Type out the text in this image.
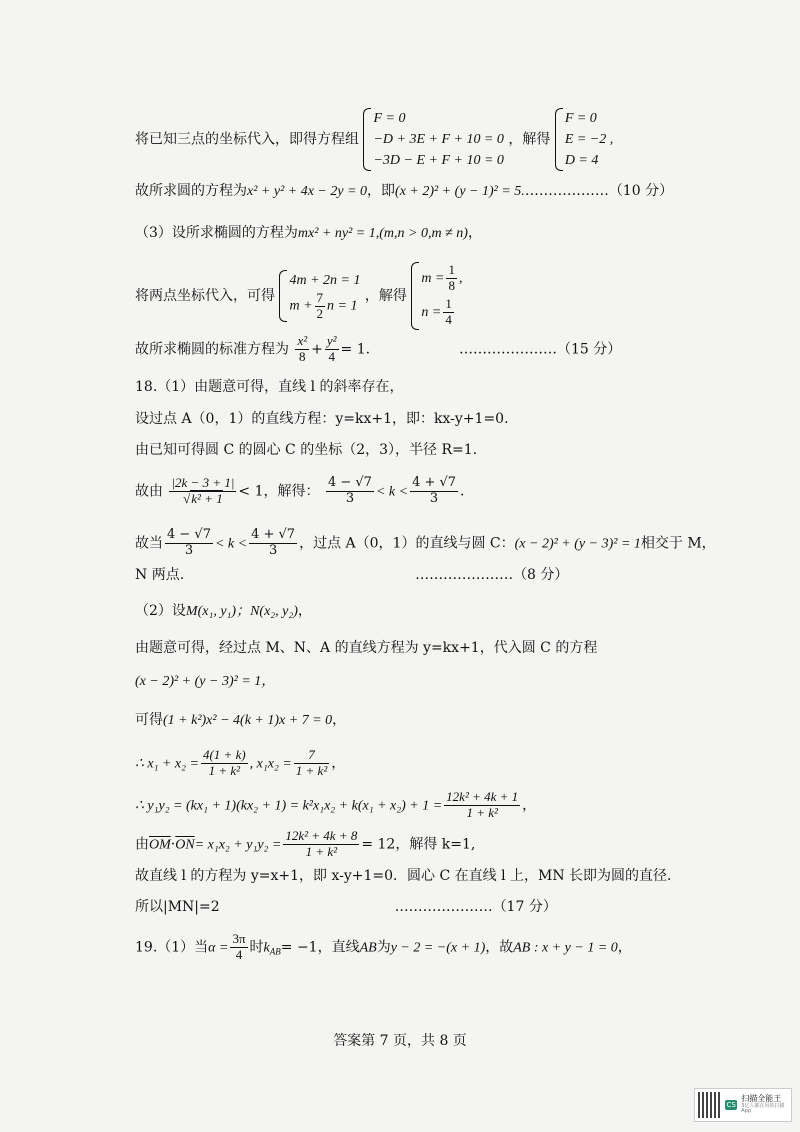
将已知三点的坐标代入，即得方程组
F = 0
−D + 3E + F + 10 = 0
−3D − E + F + 10 = 0
，解得
F = 0
E = −2 ,
D = 4
故所求圆的方程为x² + y² + 4x − 2y = 0，即(x + 2)² + (y − 1)² = 5.………………（10 分）
（3）设所求椭圆的方程为mx² + ny² = 1,(m,n > 0,m ≠ n)，
将两点坐标代入，可得
4m + 2n = 1
$m + \frac{7}{2}$ n = 1
，解得
$m = \frac{1}{8}$ ,
$n = \frac{1}{4}$
故所求椭圆的标准方程为 $\frac{\text{x²}}{8} + \frac{\text{y²}}{4} = 1$.	…………………（15 分）
18.（1）由题意可得，直线 l 的斜率存在，
设过点 A（0，1）的直线方程：y=kx+1，即：kx-y+1=0.
由已知可得圆 C 的圆心 C 的坐标（2，3），半径 R=1.
故由 $\frac{|2k - 3 + 1|}{\text{√k² + 1}} < 1$，解得： $\frac{4 - √7}{3} < k < \frac{4 + √7}{3}$ .
故当 $\frac{4 - √7}{3} < k < \frac{4 + √7}{3}$ ，过点 A（0，1）的直线与圆 C：(x − 2)² + (y − 3)² = 1相交于 M，
N 两点.	…………………（8 分）
（2）设M(x₁, y₁)；N(x₂, y₂)，
由题意可得，经过点 M、N、A 的直线方程为 y=kx+1，代入圆 C 的方程
(x − 2)² + (y − 3)² = 1，
可得(1 + k²)x² − 4(k + 1)x + 7 = 0，
∴ $x_1 + x_2 = \frac{4(1 + k)}{\text{1 + k²}}$ , $x_1x_2 = \frac{7}{\text{1 + k²}}$ ，
∴ $y_1y_2 = (kx_1 + 1)(kx_2 + 1) = k^2x_1x_2 + k(x_1 + x_2) + 1 = \frac{\text{12k² + 4k + 1}}{\text{1 + k²}}$ ，
由$\overline{OM}\cdot\overline{ON}= x_1x_2 + y_1y_2 = \frac{\text{12k² + 4k + 8}}{\text{1 + k²}} = 12$，解得 k=1,
故直线 l 的方程为 y=x+1，即 x-y+1=0．圆心 C 在直线 l 上，MN 长即为圆的直径．
所以|MN|=2	…………………（17 分）
19.（1）当$\alpha = \frac{3\pi}{4}$ 时$k_{AB}= -1$，直线AB为y − 2 = −(x + 1)，故AB : x + y − 1 = 0，
答案第 7 页，共 8 页
CS
扫描全能王
3亿人都在用的扫描App
